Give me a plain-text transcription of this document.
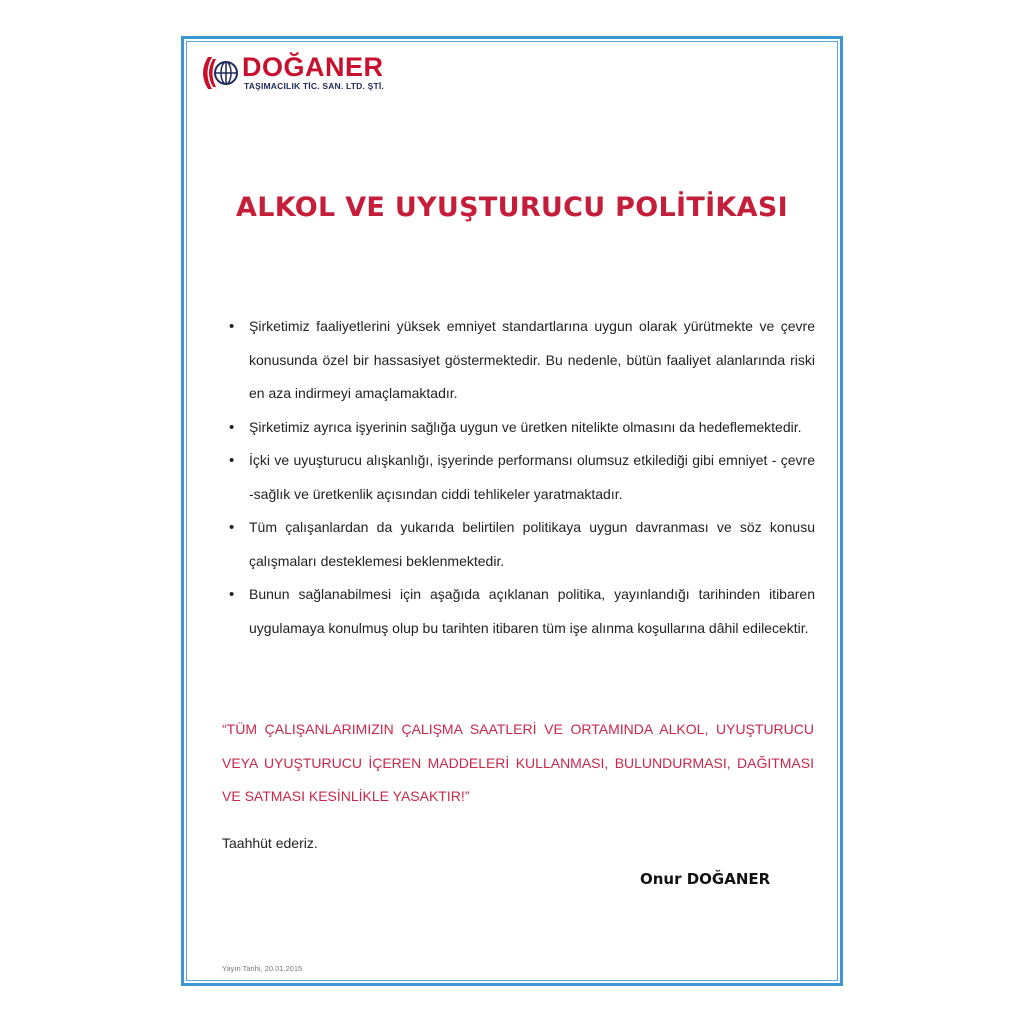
DOĞANER
TAŞIMACILIK TİC. SAN. LTD. ŞTİ.
ALKOL VE UYUŞTURUCU POLİTİKASI
• Şirketimiz faaliyetlerini yüksek emniyet standartlarına uygun olarak yürütmekte ve çevre konusunda özel bir hassasiyet göstermektedir. Bu nedenle, bütün faaliyet alanlarında riski en aza indirmeyi amaçlamaktadır.
• Şirketimiz ayrıca işyerinin sağlığa uygun ve üretken nitelikte olmasını da hedeflemektedir.
• İçki ve uyuşturucu alışkanlığı, işyerinde performansı olumsuz etkilediği gibi emniyet - çevre -sağlık ve üretkenlik açısından ciddi tehlikeler yaratmaktadır.
• Tüm çalışanlardan da yukarıda belirtilen politikaya uygun davranması ve söz konusu çalışmaları desteklemesi beklenmektedir.
• Bunun sağlanabilmesi için aşağıda açıklanan politika, yayınlandığı tarihinden itibaren uygulamaya konulmuş olup bu tarihten itibaren tüm işe alınma koşullarına dâhil edilecektir.

“TÜM ÇALIŞANLARIMIZIN ÇALIŞMA SAATLERİ VE ORTAMINDA ALKOL, UYUŞTURUCU VEYA UYUŞTURUCU İÇEREN MADDELERİ KULLANMASI, BULUNDURMASI, DAĞITMASI VE SATMASI KESİNLİKLE YASAKTIR!”

Taahhüt ederiz.
Onur DOĞANER
Yayın Tarihi, 20.01.2015
